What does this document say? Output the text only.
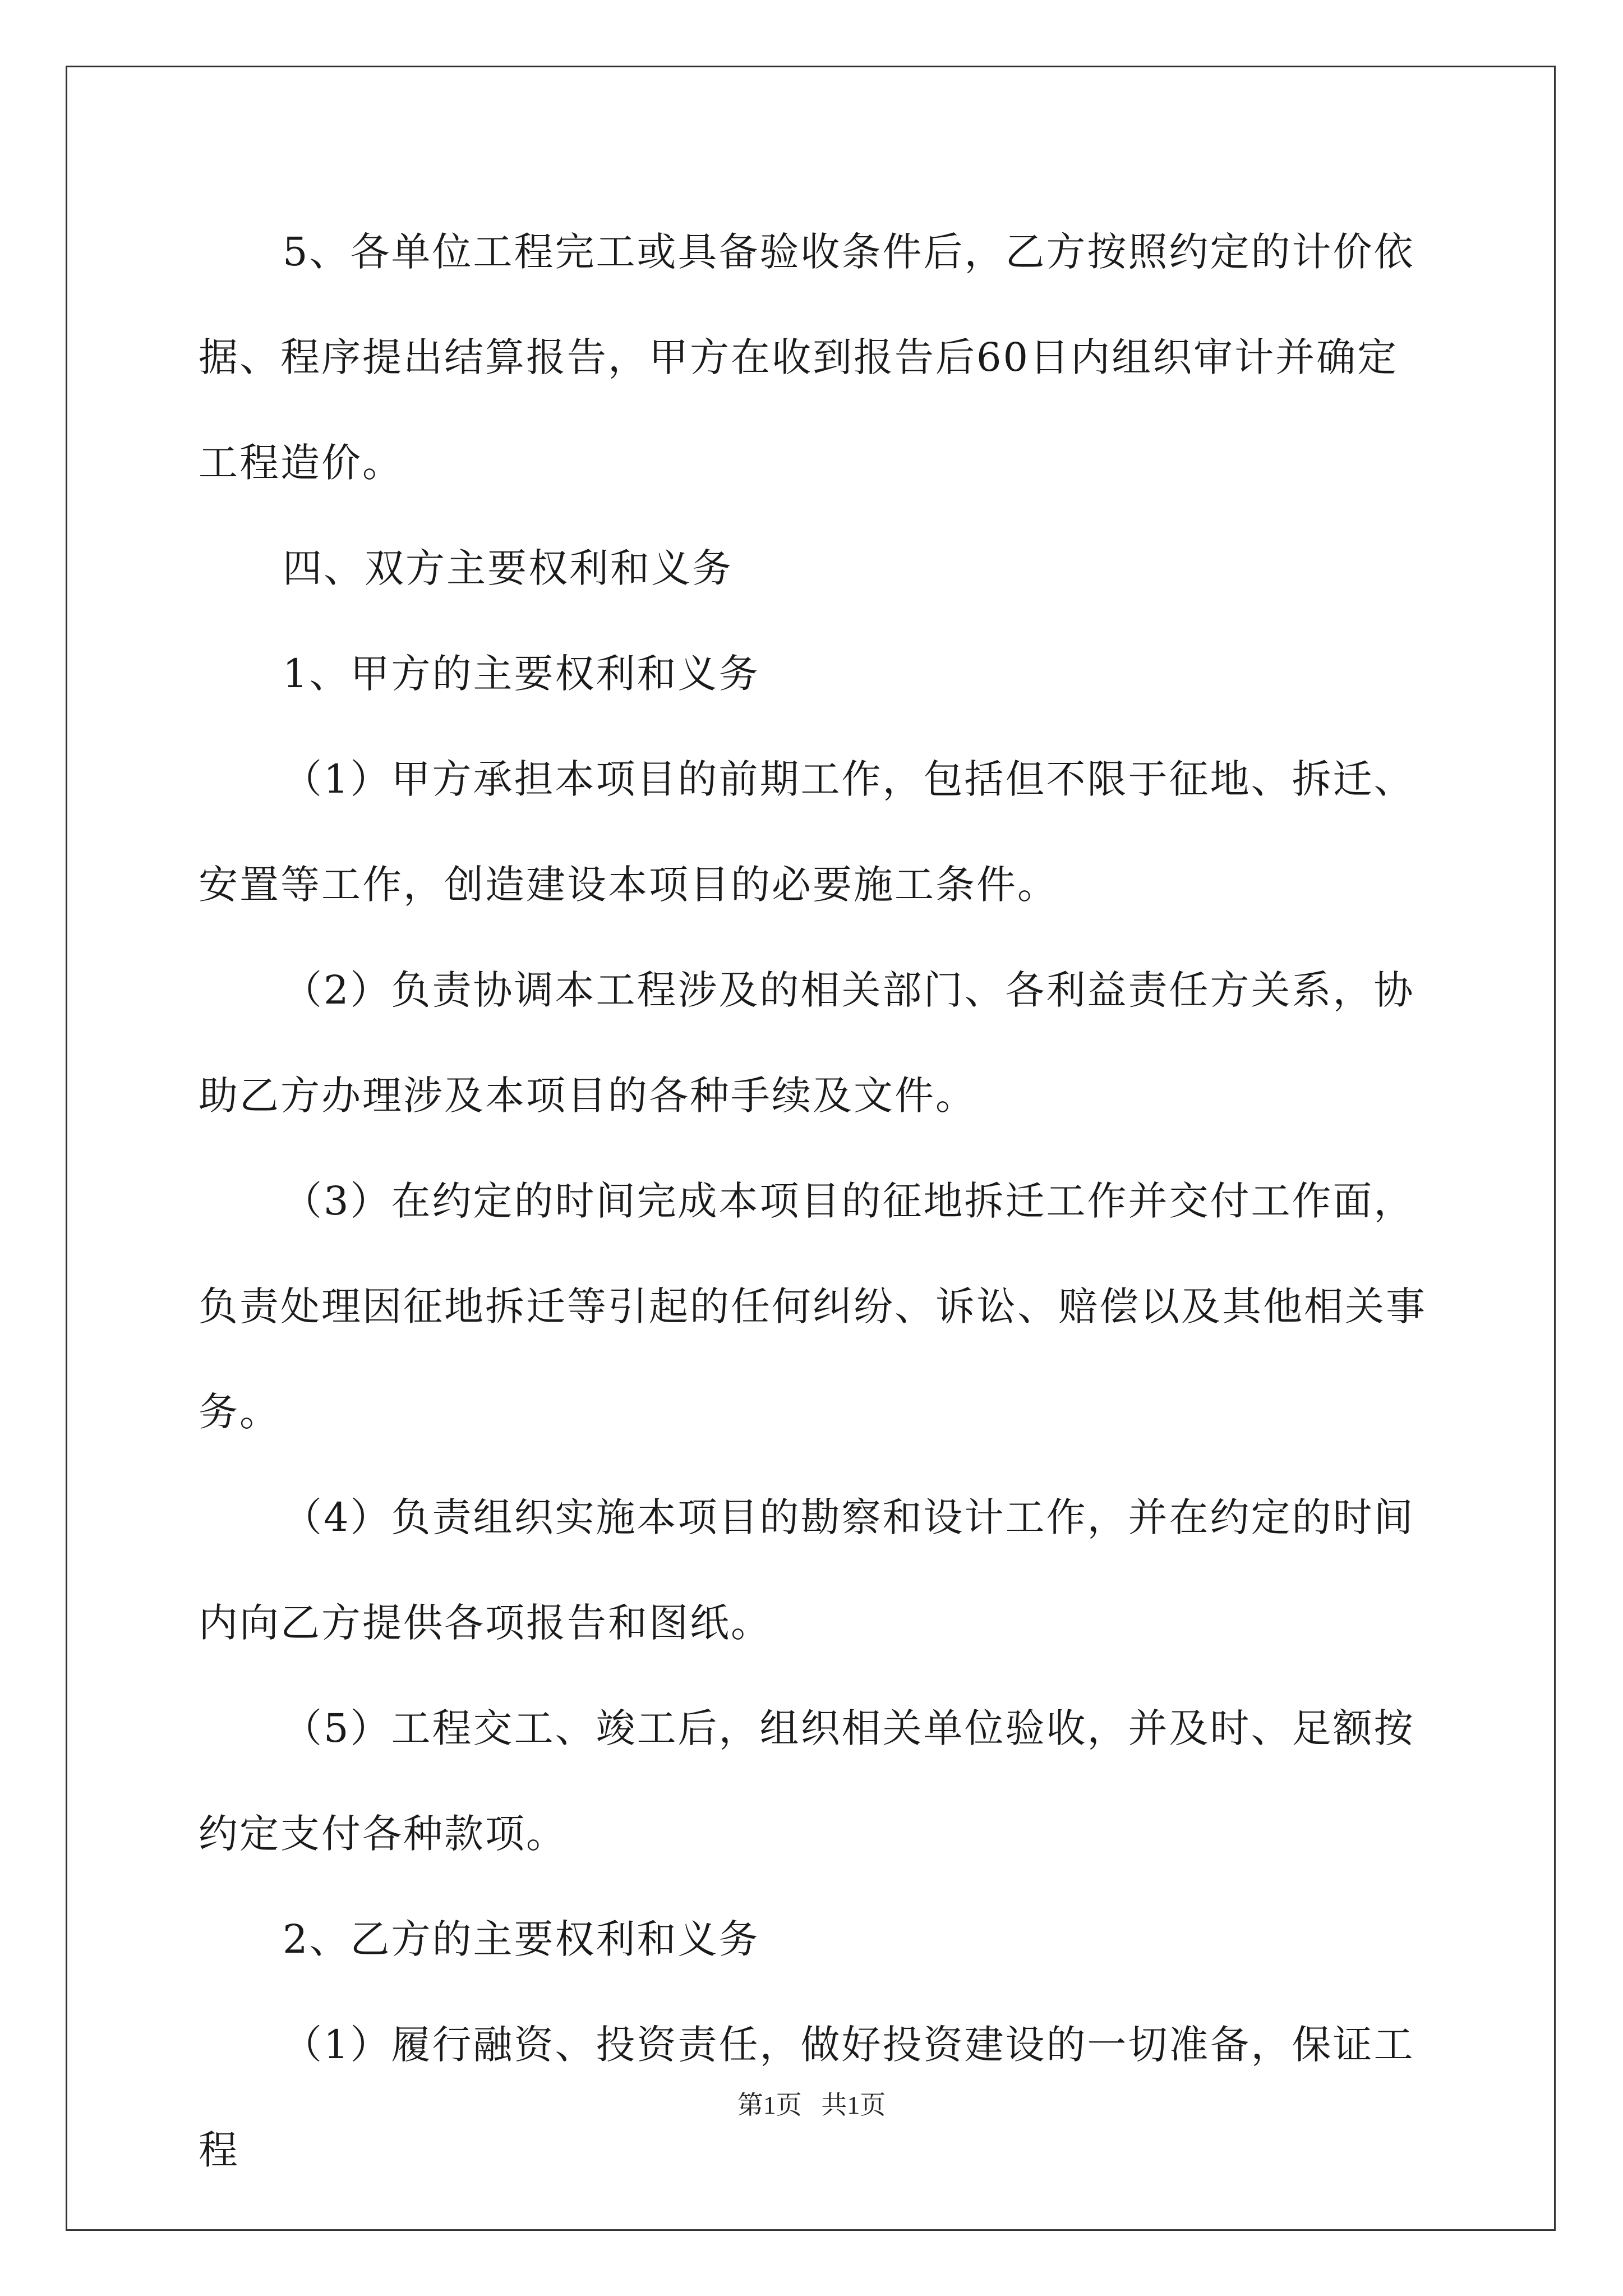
5、各单位工程完工或具备验收条件后，乙方按照约定的计价依据、程序提出结算报告，甲方在收到报告后60日内组织审计并确定工程造价。

四、双方主要权利和义务

1、甲方的主要权利和义务

（1）甲方承担本项目的前期工作，包括但不限于征地、拆迁、安置等工作，创造建设本项目的必要施工条件。

（2）负责协调本工程涉及的相关部门、各利益责任方关系，协助乙方办理涉及本项目的各种手续及文件。

（3）在约定的时间完成本项目的征地拆迁工作并交付工作面，负责处理因征地拆迁等引起的任何纠纷、诉讼、赔偿以及其他相关事务。

（4）负责组织实施本项目的勘察和设计工作，并在约定的时间内向乙方提供各项报告和图纸。

（5）工程交工、竣工后，组织相关单位验收，并及时、足额按约定支付各种款项。

2、乙方的主要权利和义务

（1）履行融资、投资责任，做好投资建设的一切准备，保证工程

第1页 共1页
